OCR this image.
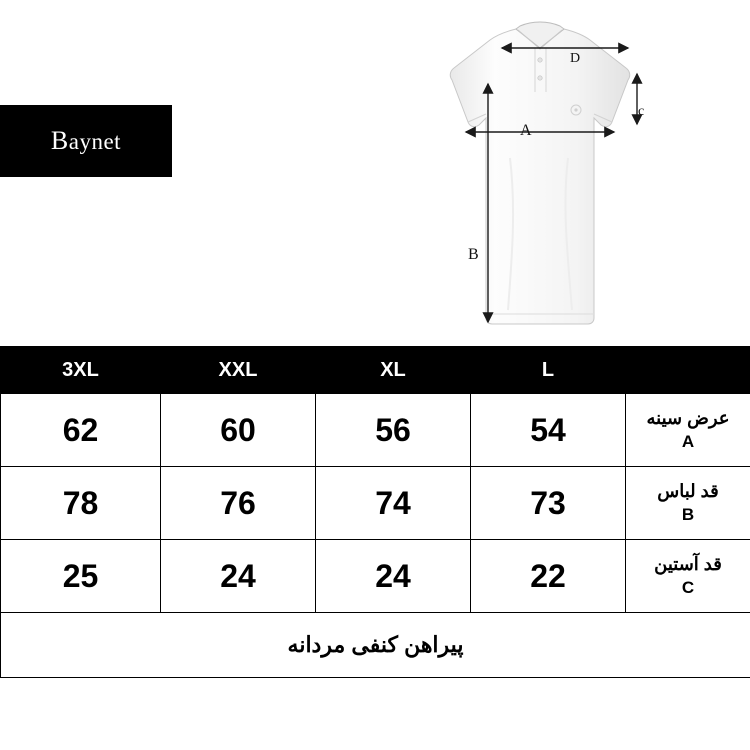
Baynet	A
B
c
D
3XL	XXL	XL	L	
62	60	56	54	عرض سینه
A

78	76	74	73	قد لباس
B

25	24	24	22	قد آستین
C

پیراهن کنفی مردانه				
